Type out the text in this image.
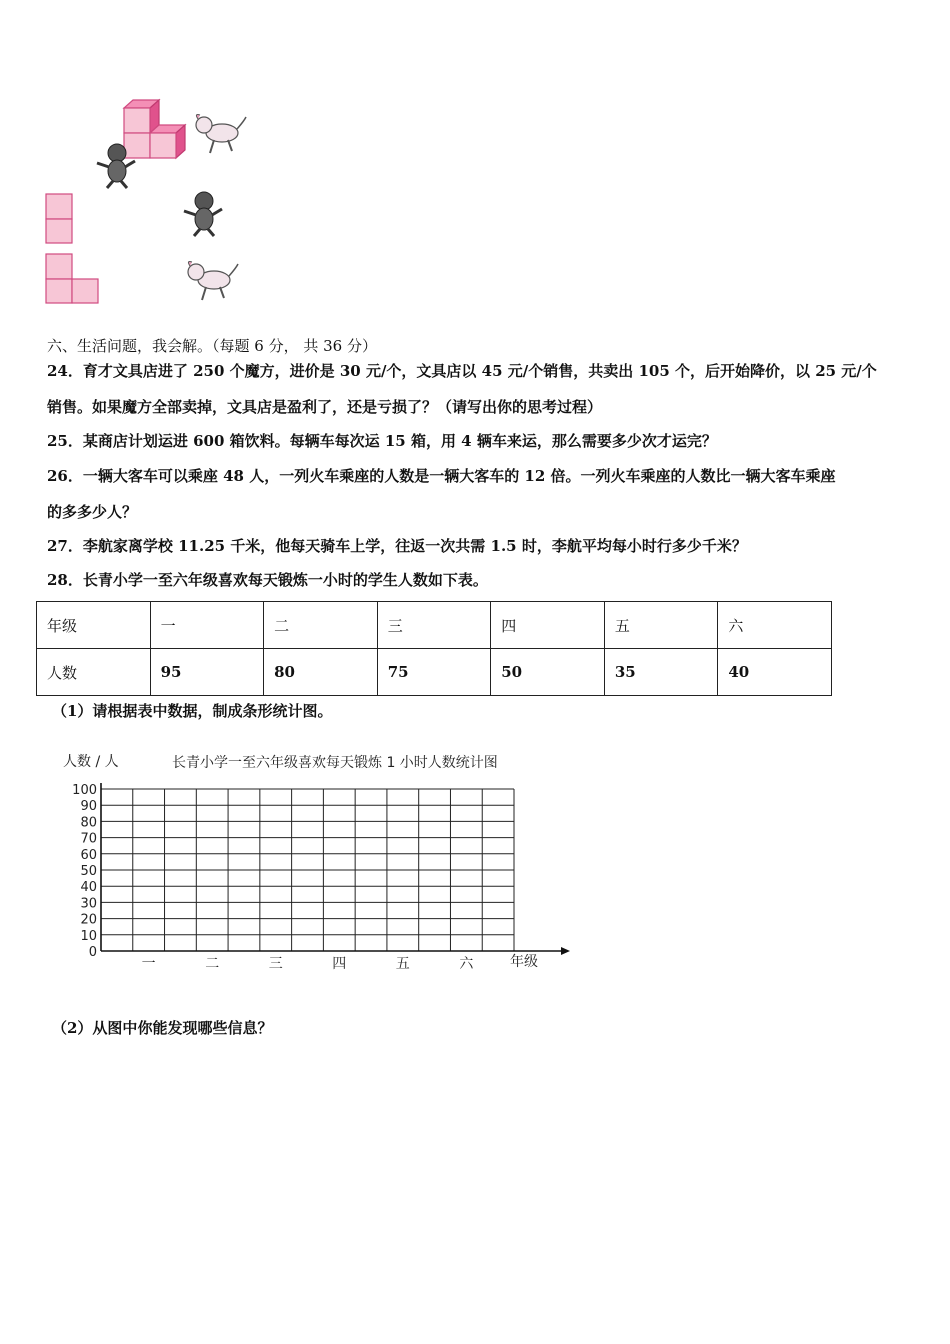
六、生活问题，我会解。（每题 6 分， 共 36 分）
24．育才文具店进了 250 个魔方，进价是 30 元/个，文具店以 45 元/个销售，共卖出 105 个，后开始降价，以 25 元/个
销售。如果魔方全部卖掉，文具店是盈利了，还是亏损了？（请写出你的思考过程）
25．某商店计划运进 600 箱饮料。每辆车每次运 15 箱，用 4 辆车来运，那么需要多少次才运完？
26．一辆大客车可以乘座 48 人，一列火车乘座的人数是一辆大客车的 12 倍。一列火车乘座的人数比一辆大客车乘座
的多多少人？
27．李航家离学校 11.25 千米，他每天骑车上学，往返一次共需 1.5 时，李航平均每小时行多少千米？
28．长青小学一至六年级喜欢每天锻炼一小时的学生人数如下表。
年级	一	二	三	四	五	六
人数	95	80	75	50	35	40
（1）请根据表中数据，制成条形统计图。
人数 / 人	长青小学一至六年级喜欢每天锻炼 1 小时人数统计图
0
10
20
30
40
50
60
70
80
90
100
一	二	三	四	五	六	年级
（2）从图中你能发现哪些信息？
